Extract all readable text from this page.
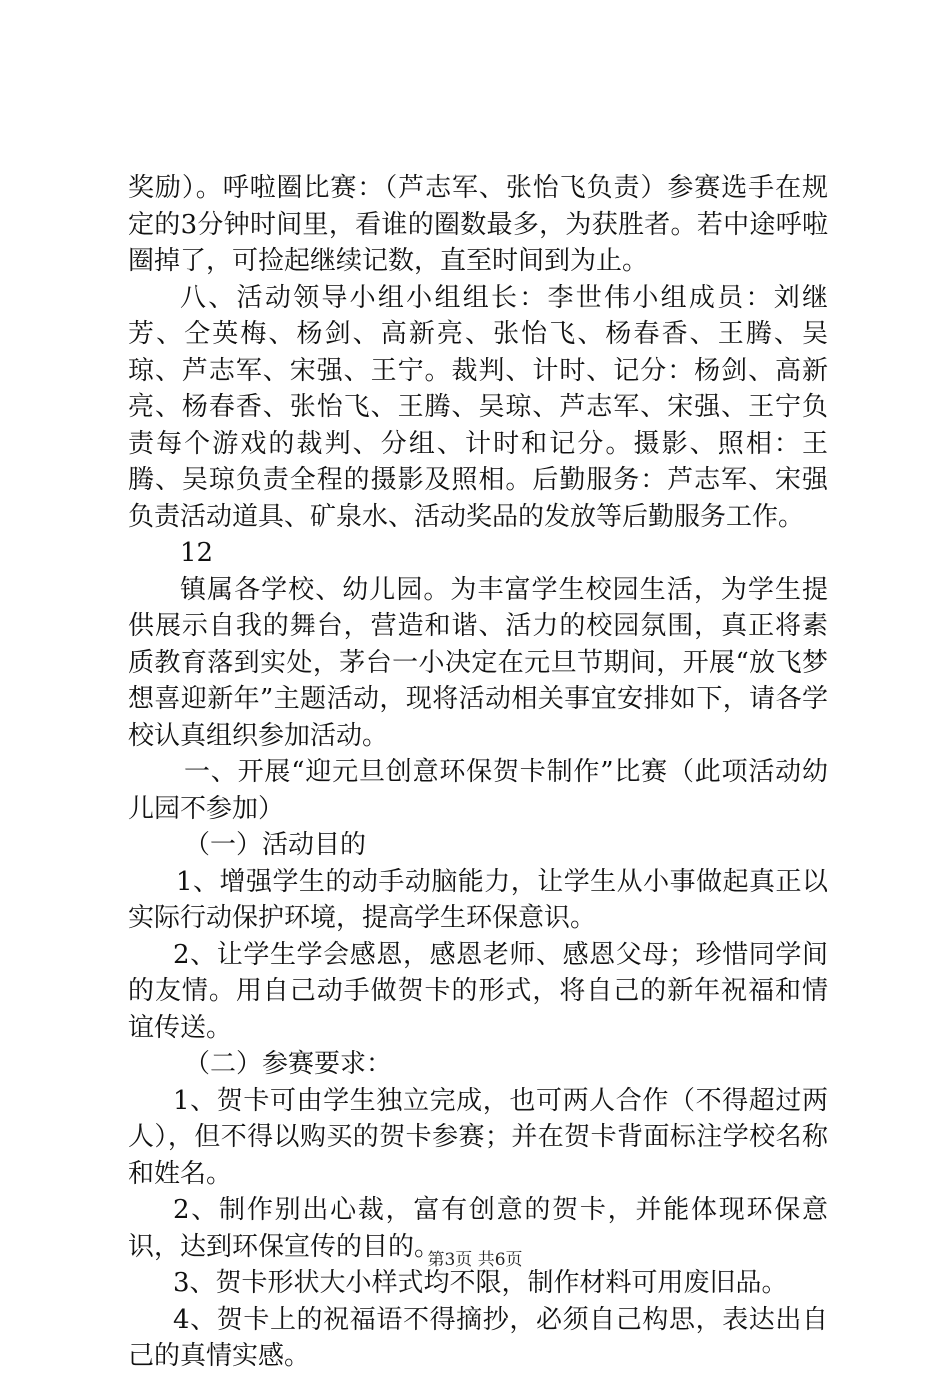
奖励）。呼啦圈比赛：（芦志军、张怡飞负责）参赛选手在规定的3分钟时间里，看谁的圈数最多，为获胜者。若中途呼啦圈掉了，可捡起继续记数，直至时间到为止。

八、活动领导小组小组组长：李世伟小组成员：刘继芳、仝英梅、杨剑、高新亮、张怡飞、杨春香、王腾、吴琼、芦志军、宋强、王宁。裁判、计时、记分：杨剑、高新亮、杨春香、张怡飞、王腾、吴琼、芦志军、宋强、王宁负责每个游戏的裁判、分组、计时和记分。摄影、照相：王腾、吴琼负责全程的摄影及照相。后勤服务：芦志军、宋强负责活动道具、矿泉水、活动奖品的发放等后勤服务工作。

12

镇属各学校、幼儿园。为丰富学生校园生活，为学生提供展示自我的舞台，营造和谐、活力的校园氛围，真正将素质教育落到实处，茅台一小决定在元旦节期间，开展“放飞梦想喜迎新年”主题活动，现将活动相关事宜安排如下，请各学校认真组织参加活动。

一、开展“迎元旦创意环保贺卡制作”比赛（此项活动幼儿园不参加）

（一）活动目的

1、增强学生的动手动脑能力，让学生从小事做起真正以实际行动保护环境，提高学生环保意识。

2、让学生学会感恩，感恩老师、感恩父母；珍惜同学间的友情。用自己动手做贺卡的形式，将自己的新年祝福和情谊传送。

（二）参赛要求：

1、贺卡可由学生独立完成，也可两人合作（不得超过两人），但不得以购买的贺卡参赛；并在贺卡背面标注学校名称和姓名。

2、制作别出心裁，富有创意的贺卡，并能体现环保意识，达到环保宣传的目的。

3、贺卡形状大小样式均不限，制作材料可用废旧品。

4、贺卡上的祝福语不得摘抄，必须自己构思，表达出自己的真情实感。

第3页 共6页
